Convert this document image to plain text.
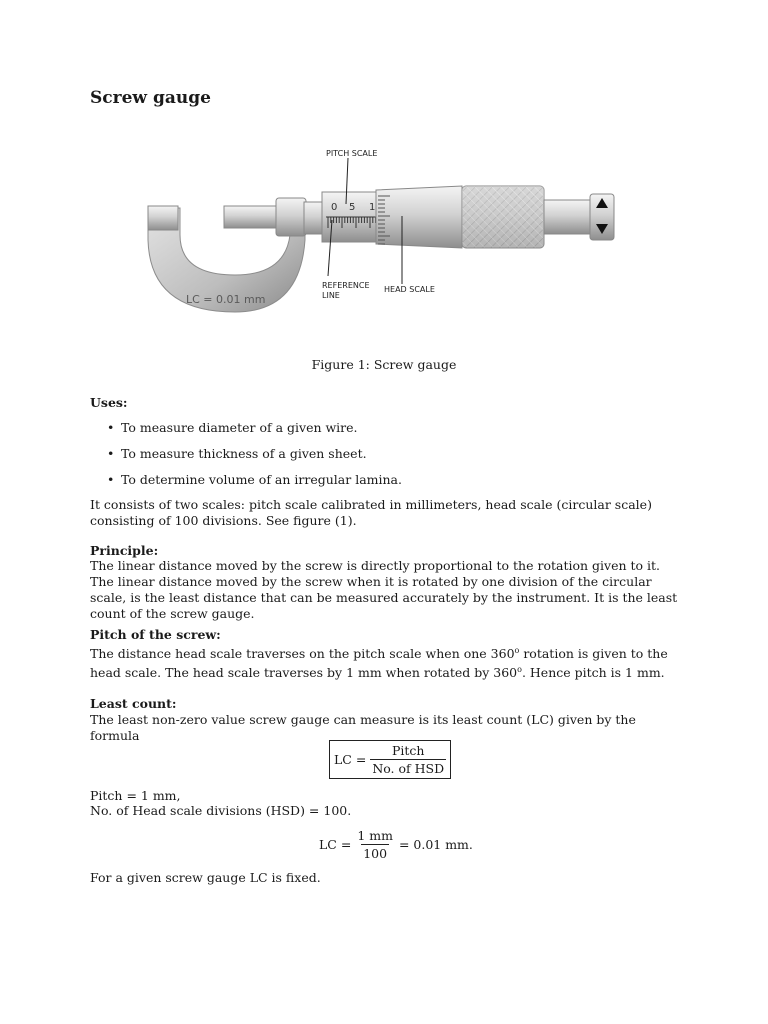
Screw gauge
0 5 1
PITCH SCALE
REFERENCE
LINE
HEAD SCALE
LC = 0.01 mm
Figure 1: Screw gauge
Uses:
• To measure diameter of a given wire.
• To measure thickness of a given sheet.
• To determine volume of an irregular lamina.
It consists of two scales: pitch scale calibrated in millimeters, head scale (circular scale) consisting of 100 divisions. See figure (1).
Principle:
The linear distance moved by the screw is directly proportional to the rotation given to it. The linear distance moved by the screw when it is rotated by one division of the circular scale, is the least distance that can be measured accurately by the instrument. It is the least count of the screw gauge.
Pitch of the screw:
The distance head scale traverses on the pitch scale when one 360$^o$ rotation is given to the head scale. The head scale traverses by 1 mm when rotated by 360$^o$. Hence pitch is 1 mm.
Least count:
The least non-zero value screw gauge can measure is its least count (LC) given by the formula
LC = $\frac{\text{Pitch}}{\text{No. of HSD}}$
Pitch = 1 mm,
No. of Head scale divisions (HSD) = 100.
LC = $\frac{1 mm}{100} = 0.01$ mm.
For a given screw gauge LC is fixed.
